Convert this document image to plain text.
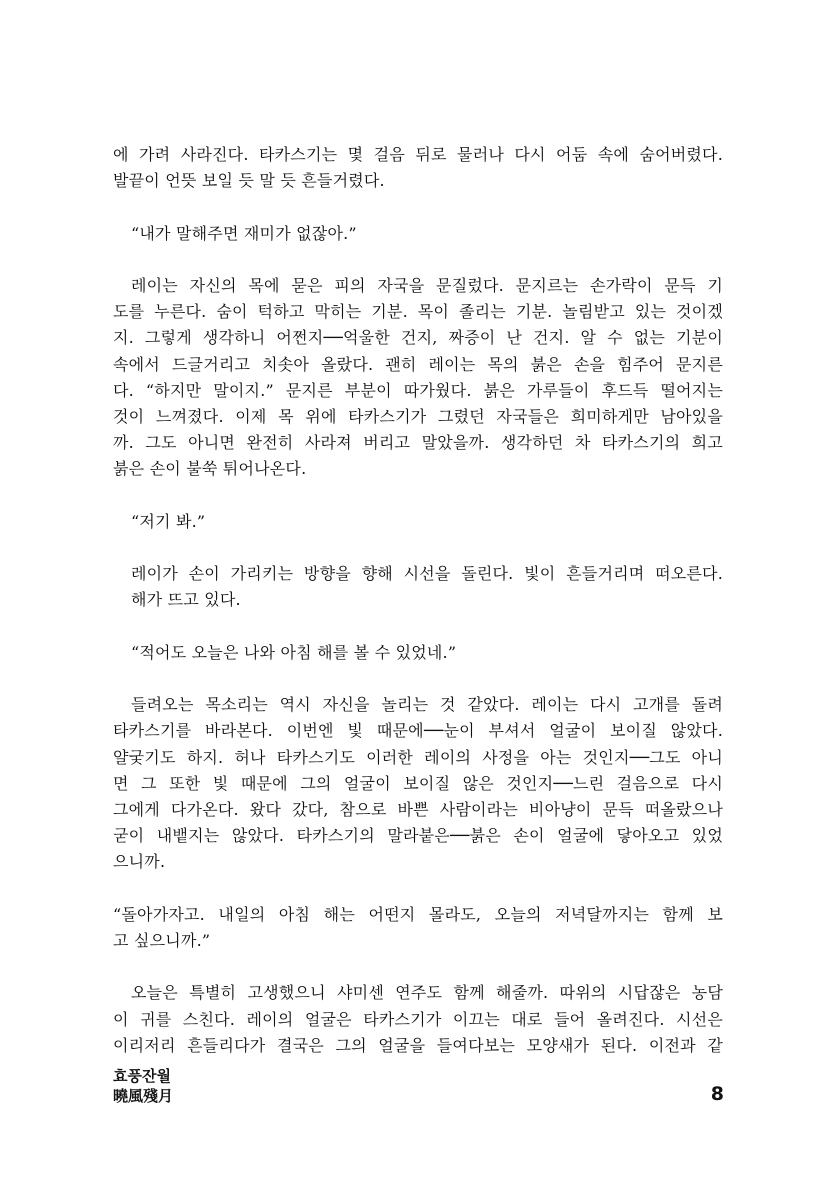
에 가려 사라진다. 타카스기는 몇 걸음 뒤로 물러나 다시 어둠 속에 숨어버렸다.
발끝이 언뜻 보일 듯 말 듯 흔들거렸다.
“내가 말해주면 재미가 없잖아.”
레이는 자신의 목에 묻은 피의 자국을 문질렀다. 문지르는 손가락이 문득 기
도를 누른다. 숨이 턱하고 막히는 기분. 목이 졸리는 기분. 놀림받고 있는 것이겠
지. 그렇게 생각하니 어쩐지──억울한 건지, 짜증이 난 건지. 알 수 없는 기분이
속에서 드글거리고 치솟아 올랐다. 괜히 레이는 목의 붉은 손을 힘주어 문지른
다. “하지만 말이지.” 문지른 부분이 따가웠다. 붉은 가루들이 후드득 떨어지는
것이 느껴졌다. 이제 목 위에 타카스기가 그렸던 자국들은 희미하게만 남아있을
까. 그도 아니면 완전히 사라져 버리고 말았을까. 생각하던 차 타카스기의 희고
붉은 손이 불쑥 튀어나온다.
“저기 봐.”
레이가 손이 가리키는 방향을 향해 시선을 돌린다. 빛이 흔들거리며 떠오른다.
해가 뜨고 있다.
“적어도 오늘은 나와 아침 해를 볼 수 있었네.”
들려오는 목소리는 역시 자신을 놀리는 것 같았다. 레이는 다시 고개를 돌려
타카스기를 바라본다. 이번엔 빛 때문에──눈이 부셔서 얼굴이 보이질 않았다.
얄궂기도 하지. 허나 타카스기도 이러한 레이의 사정을 아는 것인지──그도 아니
면 그 또한 빛 때문에 그의 얼굴이 보이질 않은 것인지──느린 걸음으로 다시
그에게 다가온다. 왔다 갔다, 참으로 바쁜 사람이라는 비아냥이 문득 떠올랐으나
굳이 내뱉지는 않았다. 타카스기의 말라붙은──붉은 손이 얼굴에 닿아오고 있었
으니까.
“돌아가자고. 내일의 아침 해는 어떤지 몰라도, 오늘의 저녁달까지는 함께 보
고 싶으니까.”
오늘은 특별히 고생했으니 샤미센 연주도 함께 해줄까. 따위의 시답잖은 농담
이 귀를 스친다. 레이의 얼굴은 타카스기가 이끄는 대로 들어 올려진다. 시선은
이리저리 흔들리다가 결국은 그의 얼굴을 들여다보는 모양새가 된다. 이전과 같
효풍잔월
曉風殘月	8
